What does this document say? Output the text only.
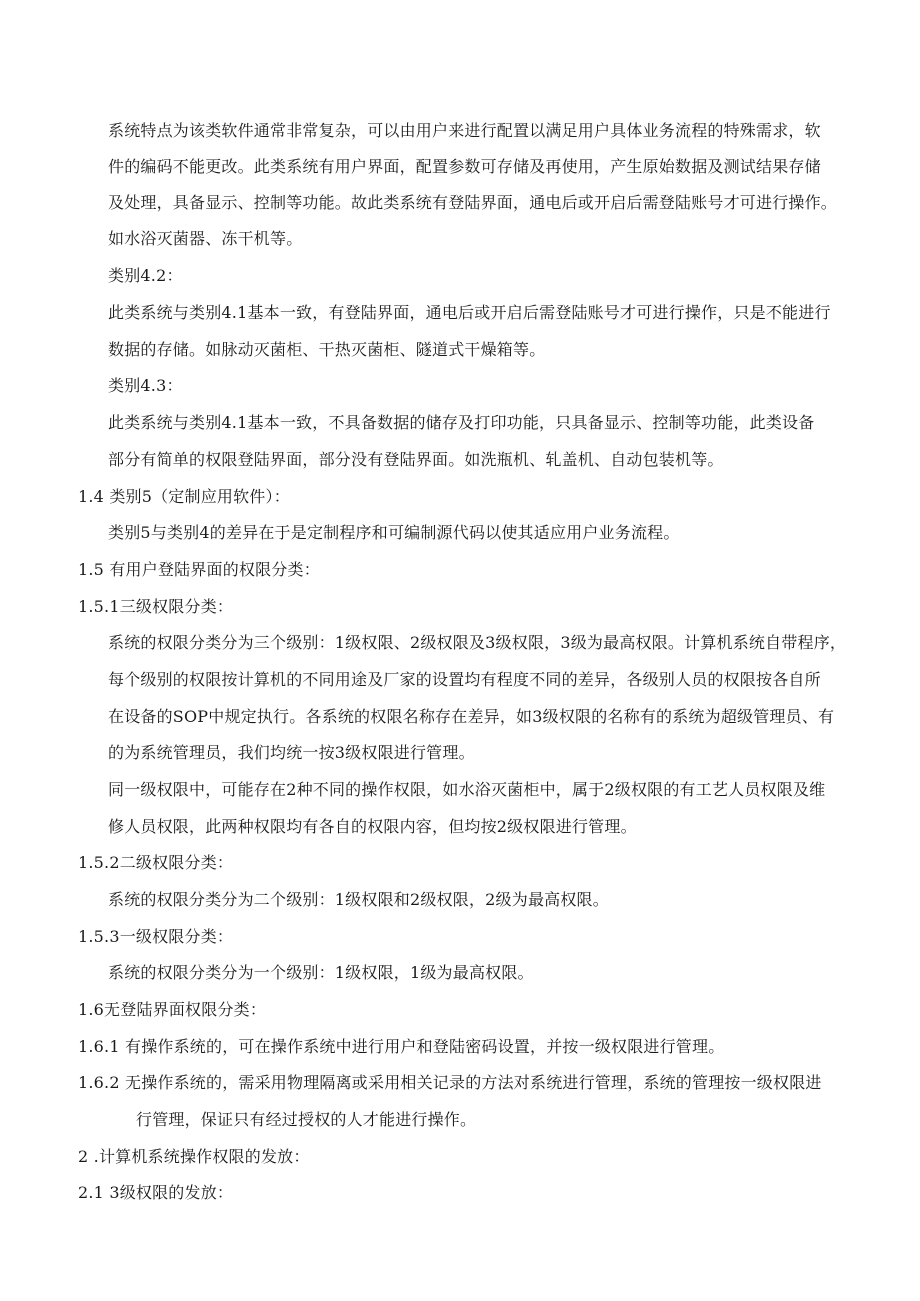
系统特点为该类软件通常非常复杂，可以由用户来进行配置以满足用户具体业务流程的特殊需求，软
件的编码不能更改。此类系统有用户界面，配置参数可存储及再使用，产生原始数据及测试结果存储
及处理，具备显示、控制等功能。故此类系统有登陆界面，通电后或开启后需登陆账号才可进行操作。
如水浴灭菌器、冻干机等。
类别4.2：
此类系统与类别4.1基本一致，有登陆界面，通电后或开启后需登陆账号才可进行操作，只是不能进行
数据的存储。如脉动灭菌柜、干热灭菌柜、隧道式干燥箱等。
类别4.3：
此类系统与类别4.1基本一致，不具备数据的储存及打印功能，只具备显示、控制等功能，此类设备
部分有简单的权限登陆界面，部分没有登陆界面。如洗瓶机、轧盖机、自动包装机等。
1.4 类别5（定制应用软件）：
类别5与类别4的差异在于是定制程序和可编制源代码以使其适应用户业务流程。
1.5 有用户登陆界面的权限分类：
1.5.1三级权限分类：
系统的权限分类分为三个级别：1级权限、2级权限及3级权限，3级为最高权限。计算机系统自带程序，
每个级别的权限按计算机的不同用途及厂家的设置均有程度不同的差异，各级别人员的权限按各自所
在设备的SOP中规定执行。各系统的权限名称存在差异，如3级权限的名称有的系统为超级管理员、有
的为系统管理员，我们均统一按3级权限进行管理。
同一级权限中，可能存在2种不同的操作权限，如水浴灭菌柜中，属于2级权限的有工艺人员权限及维
修人员权限，此两种权限均有各自的权限内容，但均按2级权限进行管理。
1.5.2二级权限分类：
系统的权限分类分为二个级别：1级权限和2级权限，2级为最高权限。
1.5.3一级权限分类：
系统的权限分类分为一个级别：1级权限，1级为最高权限。
1.6无登陆界面权限分类：
1.6.1 有操作系统的，可在操作系统中进行用户和登陆密码设置，并按一级权限进行管理。
1.6.2 无操作系统的，需采用物理隔离或采用相关记录的方法对系统进行管理，系统的管理按一级权限进
行管理，保证只有经过授权的人才能进行操作。
2 .计算机系统操作权限的发放：
2.1 3级权限的发放：
